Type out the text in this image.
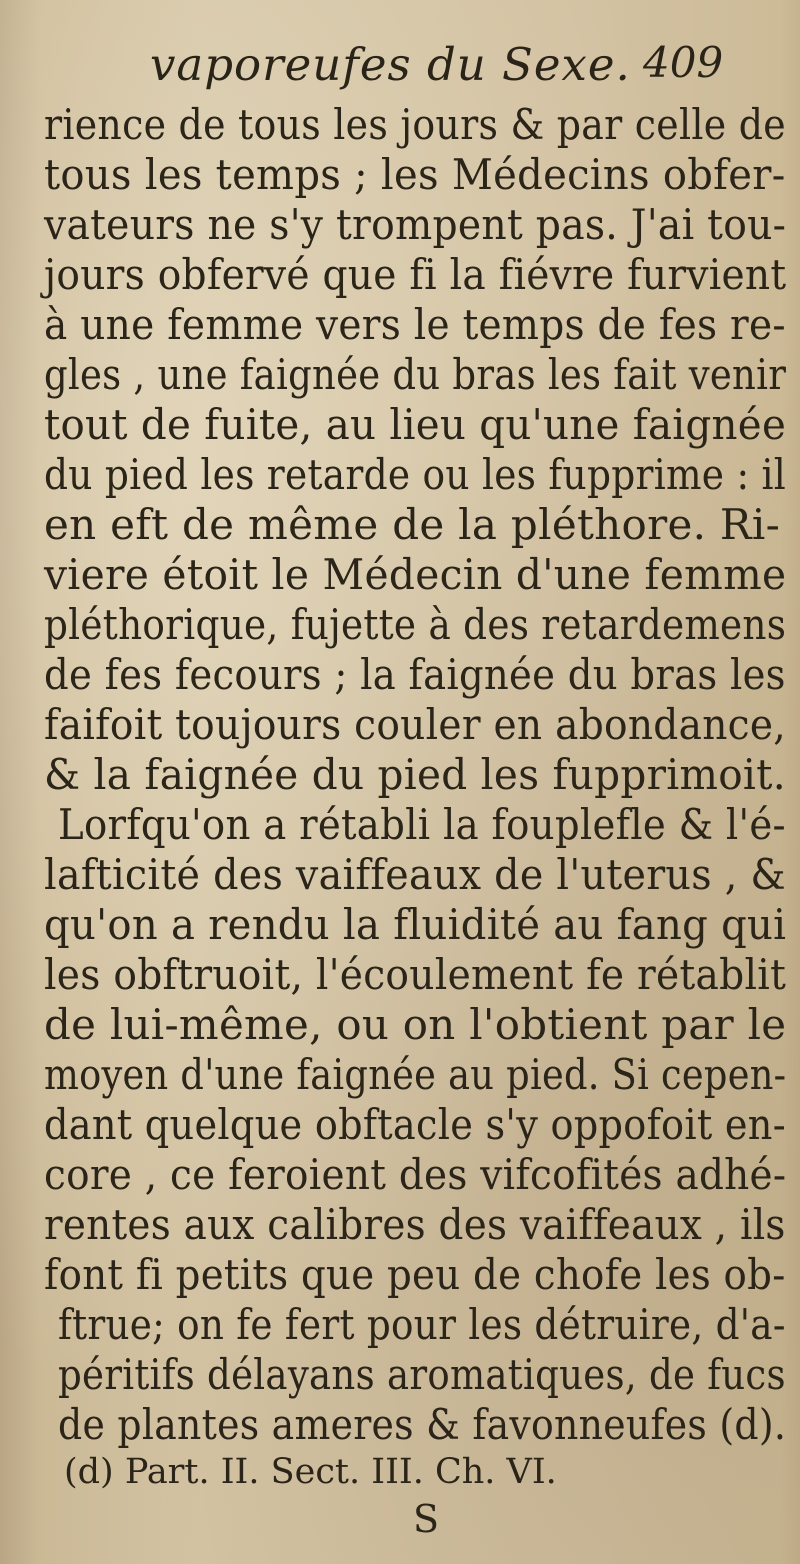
vaporeufes du Sexe. 409
rience de tous les jours & par celle de
tous les temps ; les Médecins obfer-
vateurs ne s'y trompent pas. J'ai tou-
jours obfervé que fi la fiévre furvient
à une femme vers le temps de fes re-
gles , une faignée du bras les fait venir
tout de fuite, au lieu qu'une faignée
du pied les retarde ou les fupprime : il
en eft de même de la pléthore. Ri-
viere étoit le Médecin d'une femme
pléthorique, fujette à des retardemens
de fes fecours ; la faignée du bras les
faifoit toujours couler en abondance,
& la faignée du pied les fupprimoit.
Lorfqu'on a rétabli la fouplefle & l'é-
lafticité des vaiffeaux de l'uterus , &
qu'on a rendu la fluidité au fang qui
les obftruoit, l'écoulement fe rétablit
de lui-même, ou on l'obtient par le
moyen d'une faignée au pied. Si cepen-
dant quelque obftacle s'y oppofoit en-
core , ce feroient des vifcofités adhé-
rentes aux calibres des vaiffeaux , ils
font fi petits que peu de chofe les ob-
ftrue; on fe fert pour les détruire, d'a-
péritifs délayans aromatiques, de fucs
de plantes ameres & favonneufes (d).
(d) Part. II. Sect. III. Ch. VI.
S
